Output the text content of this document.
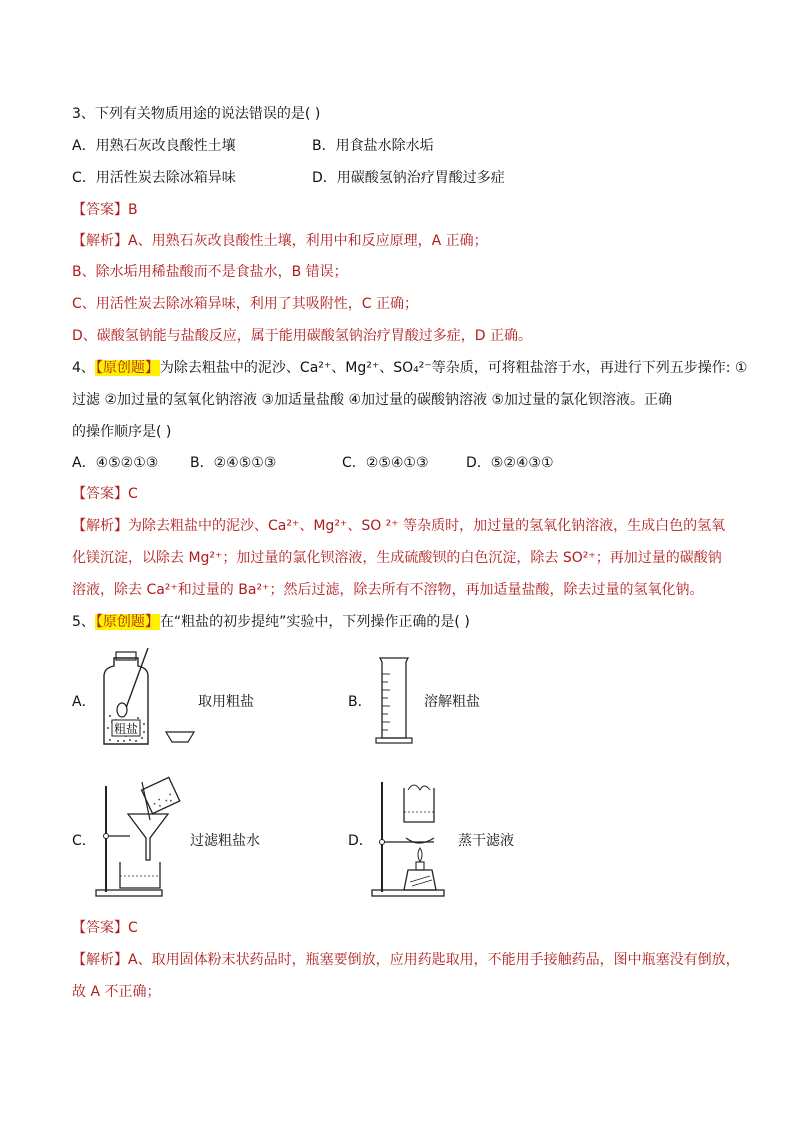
3、下列有关物质用途的说法错误的是( )
A．用熟石灰改良酸性土壤	B．用食盐水除水垢
C．用活性炭去除冰箱异味	D．用碳酸氢钠治疗胃酸过多症
【答案】B
【解析】A、用熟石灰改良酸性土壤，利用中和反应原理，A 正确；
B、除水垢用稀盐酸而不是食盐水，B 错误；
C、用活性炭去除冰箱异味，利用了其吸附性，C 正确；
D、碳酸氢钠能与盐酸反应，属于能用碳酸氢钠治疗胃酸过多症，D 正确。
4、【原创题】为除去粗盐中的泥沙、Ca²⁺、Mg²⁺、SO₄²⁻等杂质，可将粗盐溶于水，再进行下列五步操作: ①
过滤 ②加过量的氢氧化钠溶液 ③加适量盐酸 ④加过量的碳酸钠溶液 ⑤加过量的氯化钡溶液。正确
的操作顺序是( )
A．④⑤②①③ B．②④⑤①③	C．②⑤④①③	D．⑤②④③①
【答案】C
【解析】为除去粗盐中的泥沙、Ca²⁺、Mg²⁺、SO ²⁺ 等杂质时，加过量的氢氧化钠溶液，生成白色的氢氧
化镁沉淀，以除去 Mg²⁺；加过量的氯化钡溶液，生成硫酸钡的白色沉淀，除去 SO²⁺；再加过量的碳酸钠
溶液，除去 Ca²⁺和过量的 Ba²⁺；然后过滤，除去所有不溶物，再加适量盐酸，除去过量的氢氧化钠。
5、【原创题】在“粗盐的初步提纯”实验中，下列操作正确的是( )
A．
粗盐
取用粗盐	B．	溶解粗盐
C．	过滤粗盐水	D．	蒸干滤液
【答案】C
【解析】A、取用固体粉末状药品时，瓶塞要倒放，应用药匙取用，不能用手接触药品，图中瓶塞没有倒放，
故 A 不正确；
